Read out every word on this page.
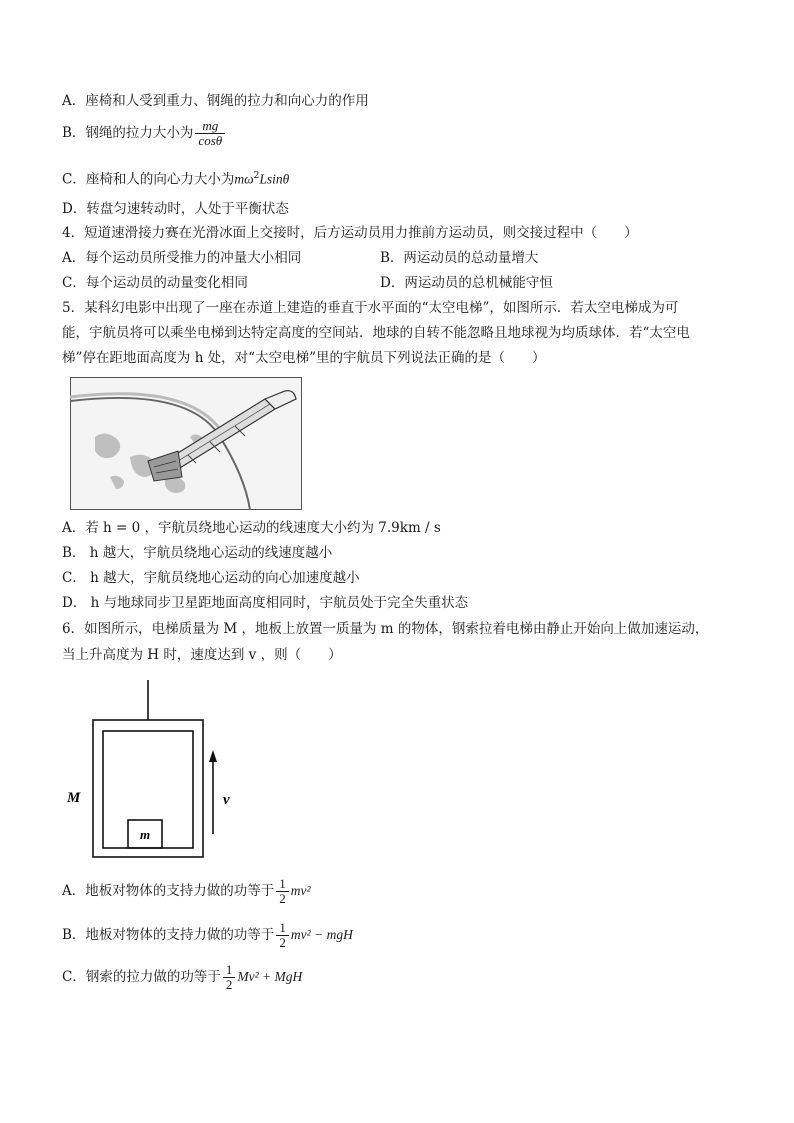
A．座椅和人受到重力、钢绳的拉力和向心力的作用
B．钢绳的拉力大小为 $\frac{mg}{\cos\theta}$
C．座椅和人的向心力大小为$m\omega^2Lsin\theta$
D．转盘匀速转动时，人处于平衡状态
4．短道速滑接力赛在光滑冰面上交接时，后方运动员用力推前方运动员，则交接过程中（　　）
A．每个运动员所受推力的冲量大小相同	B．两运动员的总动量增大
C．每个运动员的动量变化相同	D．两运动员的总机械能守恒
5．某科幻电影中出现了一座在赤道上建造的垂直于水平面的“太空电梯”，如图所示．若太空电梯成为可
能，宇航员将可以乘坐电梯到达特定高度的空间站．地球的自转不能忽略且地球视为均质球体．若“太空电
梯”停在距地面高度为 h 处，对“太空电梯”里的宇航员下列说法正确的是（　　）
A．若 h = 0 ，宇航员绕地心运动的线速度大小约为 7.9km / s
B． h 越大，宇航员绕地心运动的线速度越小
C． h 越大，宇航员绕地心运动的向心加速度越小
D． h 与地球同步卫星距地面高度相同时，宇航员处于完全失重状态
6．如图所示，电梯质量为 M ，地板上放置一质量为 m 的物体，钢索拉着电梯由静止开始向上做加速运动，
当上升高度为 H 时，速度达到 v ，则（　　）
m
M	v
A．地板对物体的支持力做的功等于 $\frac{1}{2} mv^2$
B．地板对物体的支持力做的功等于 $\frac{1}{2} mv^2$ − mgH
C．钢索的拉力做的功等于 $\frac{1}{2} Mv^2$ + MgH
